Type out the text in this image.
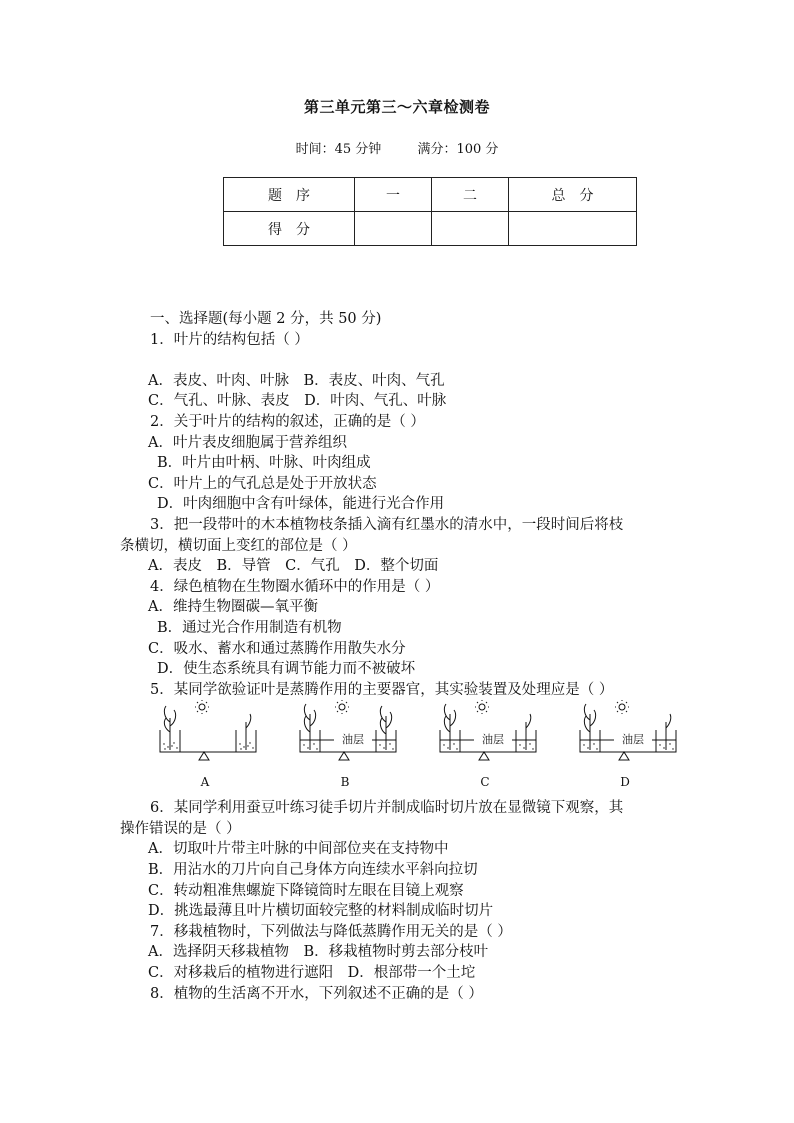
第三单元第三～六章检测卷
时间：45 分钟	满分：100 分
题　序	一	二	总　分
得　分			
一、选择题(每小题 2 分，共 50 分)
1．叶片的结构包括（ ）
A．表皮、叶肉、叶脉　B．表皮、叶肉、气孔
C．气孔、叶脉、表皮　D．叶肉、气孔、叶脉
2．关于叶片的结构的叙述，正确的是（ ）
A．叶片表皮细胞属于营养组织
B．叶片由叶柄、叶脉、叶肉组成
C．叶片上的气孔总是处于开放状态
D．叶肉细胞中含有叶绿体，能进行光合作用
3．把一段带叶的木本植物枝条插入滴有红墨水的清水中，一段时间后将枝
条横切，横切面上变红的部位是（ ）
A．表皮　B．导管　C．气孔　D．整个切面
4．绿色植物在生物圈水循环中的作用是（ ）
A．维持生物圈碳—氧平衡
B．通过光合作用制造有机物
C．吸水、蓄水和通过蒸腾作用散失水分
D．使生态系统具有调节能力而不被破坏
5．某同学欲验证叶是蒸腾作用的主要器官，其实验装置及处理应是（ ）
A
油层
B
油层
C
油层
D
6．某同学利用蚕豆叶练习徒手切片并制成临时切片放在显微镜下观察，其
操作错误的是（ ）
A．切取叶片带主叶脉的中间部位夹在支持物中
B．用沾水的刀片向自己身体方向连续水平斜向拉切
C．转动粗准焦螺旋下降镜筒时左眼在目镜上观察
D．挑选最薄且叶片横切面较完整的材料制成临时切片
7．移栽植物时，下列做法与降低蒸腾作用无关的是（ ）
A．选择阴天移栽植物　B．移栽植物时剪去部分枝叶
C．对移栽后的植物进行遮阳　D．根部带一个土坨
8．植物的生活离不开水，下列叙述不正确的是（ ）
